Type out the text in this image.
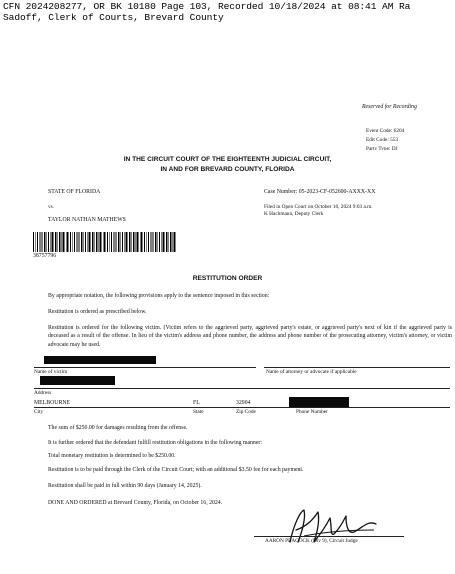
CFN 2024208277, OR BK 10180 Page 103, Recorded 10/18/2024 at 08:41 AM Ra
Sadoff, Clerk of Courts, Brevard County
Reserved for Recording
Event Code: 6204
Edit Code: 553
Party Type: DJ
IN THE CIRCUIT COURT OF THE EIGHTEENTH JUDICIAL CIRCUIT,
IN AND FOR BREVARD COUNTY, FLORIDA
STATE OF FLORIDA
vs.
TAYLOR NATHAN MATHEWS
Case Number: 05-2023-CF-052600-AXXX-XX
Filed in Open Court on October 16, 2024 9:03 a.m.
K Hachmann, Deputy Clerk
38757796
RESTITUTION ORDER
By appropriate notation, the following provisions apply to the sentence imposed in this section:
Restitution is ordered as prescribed below.
Restitution is ordered for the following victim. (Victim refers to the aggrieved party, aggrieved party's estate, or aggrieved party's next of kin if the aggrieved party is deceased as a result of the offense. In lieu of the victim's address and phone number, the address and phone number of the prosecuting attorney, victim's attorney, or victim advocate may be used.
Name of victim	Name of attorney or advocate if applicable
Address
MELBOURNE	FL	32904
City	State	Zip Code	Phone Number
The sum of $250.00 for damages resulting from the offense.
It is further ordered that the defendant fulfill restitution obligations in the following manner:
Total monetary restitution is determined to be $250.00.
Restitution is to be paid through the Clerk of the Circuit Court; with an additional $3.50 fee for each payment.
Restitution shall be paid in full within 90 days (January 14, 2025).
DONE AND ORDERED at Brevard County, Florida, on October 16, 2024.
AARON PEACOCK (Div 9), Circuit Judge
